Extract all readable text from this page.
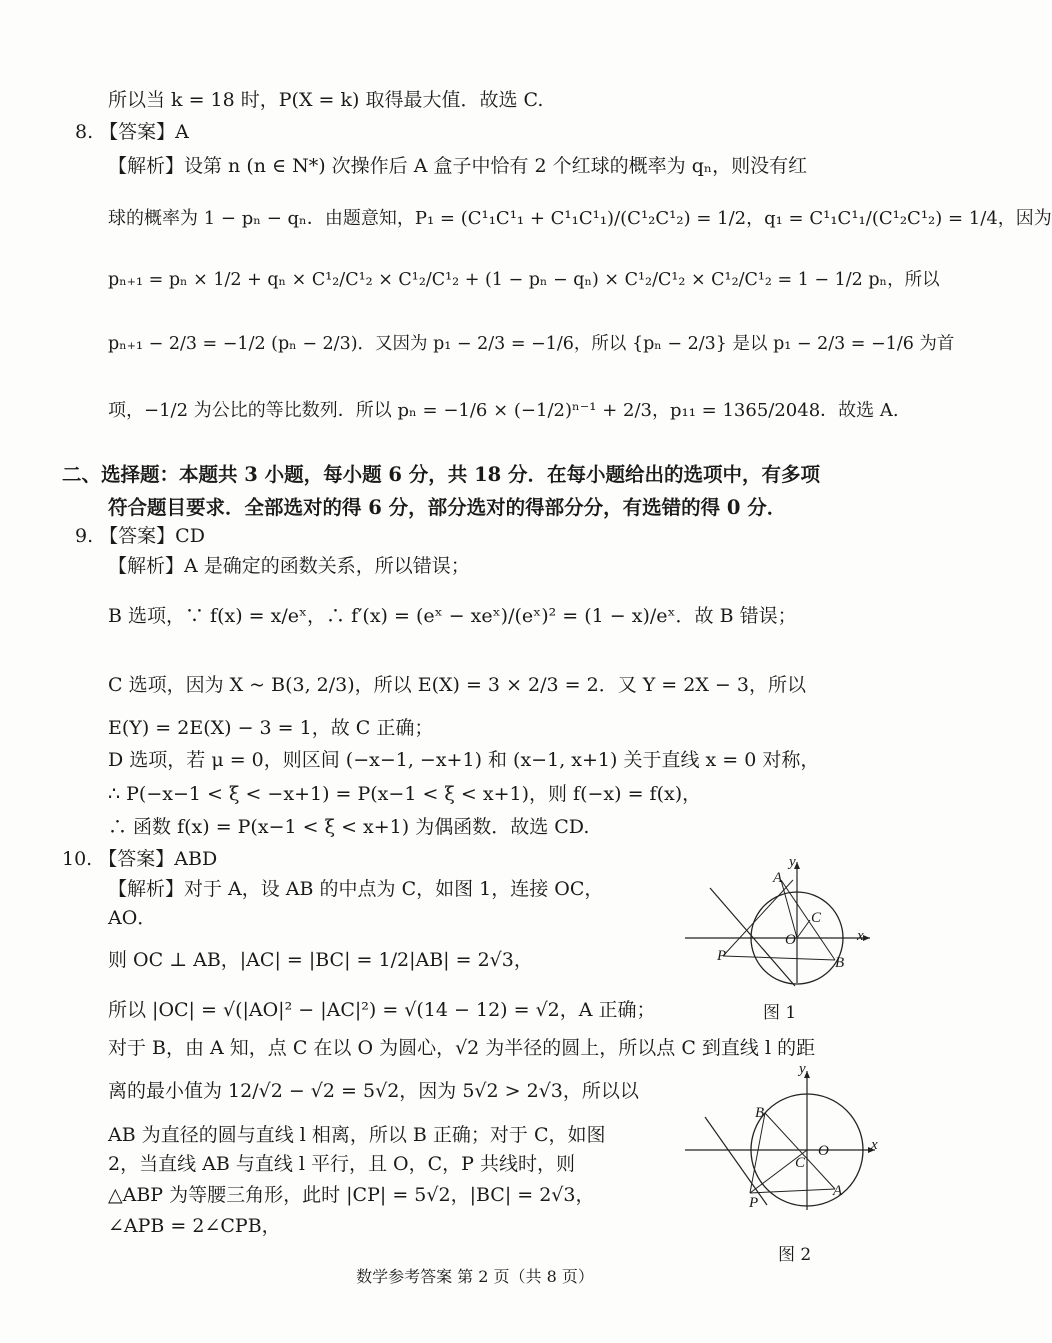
所以当 k = 18 时，P(X = k) 取得最大值．故选 C.
8. 【答案】A
【解析】设第 n (n ∈ N*) 次操作后 A 盒子中恰有 2 个红球的概率为 qₙ，则没有红
球的概率为 1 − pₙ − qₙ．由题意知，P₁ = (C¹₁C¹₁ + C¹₁C¹₁)/(C¹₂C¹₂) = 1/2，q₁ = C¹₁C¹₁/(C¹₂C¹₂) = 1/4，因为
pₙ₊₁ = pₙ × 1/2 + qₙ × C¹₂/C¹₂ × C¹₂/C¹₂ + (1 − pₙ − qₙ) × C¹₂/C¹₂ × C¹₂/C¹₂ = 1 − 1/2 pₙ，所以
pₙ₊₁ − 2/3 = −1/2 (pₙ − 2/3)．又因为 p₁ − 2/3 = −1/6，所以 {pₙ − 2/3} 是以 p₁ − 2/3 = −1/6 为首
项，−1/2 为公比的等比数列．所以 pₙ = −1/6 × (−1/2)ⁿ⁻¹ + 2/3，p₁₁ = 1365/2048．故选 A.
二、选择题：本题共 3 小题，每小题 6 分，共 18 分．在每小题给出的选项中，有多项
符合题目要求．全部选对的得 6 分，部分选对的得部分分，有选错的得 0 分．
9. 【答案】CD
【解析】A 是确定的函数关系，所以错误；
B 选项，∵ f(x) = x/eˣ，∴ f′(x) = (eˣ − xeˣ)/(eˣ)² = (1 − x)/eˣ．故 B 错误；
C 选项，因为 X ~ B(3, 2/3)，所以 E(X) = 3 × 2/3 = 2．又 Y = 2X − 3，所以
E(Y) = 2E(X) − 3 = 1，故 C 正确；
D 选项，若 μ = 0，则区间 (−x−1, −x+1) 和 (x−1, x+1) 关于直线 x = 0 对称，
∴ P(−x−1 < ξ < −x+1) = P(x−1 < ξ < x+1)，则 f(−x) = f(x)，
∴ 函数 f(x) = P(x−1 < ξ < x+1) 为偶函数．故选 CD.
10. 【答案】ABD
【解析】对于 A，设 AB 的中点为 C，如图 1，连接 OC，
AO．
则 OC ⊥ AB，|AC| = |BC| = 1/2|AB| = 2√3，
所以 |OC| = √(|AO|² − |AC|²) = √(14 − 12) = √2，A 正确；
对于 B，由 A 知，点 C 在以 O 为圆心，√2 为半径的圆上，所以点 C 到直线 l 的距
离的最小值为 12/√2 − √2 = 5√2，因为 5√2 > 2√3，所以以
AB 为直径的圆与直线 l 相离，所以 B 正确；对于 C，如图
2，当直线 AB 与直线 l 平行，且 O，C，P 共线时，则
△ABP 为等腰三角形，此时 |CP| = 5√2，|BC| = 2√3，
∠APB = 2∠CPB，
y
x
A
C
O
P	B
图 1
y
x
B
O
C
A
P
图 2
数学参考答案 第 2 页（共 8 页）
